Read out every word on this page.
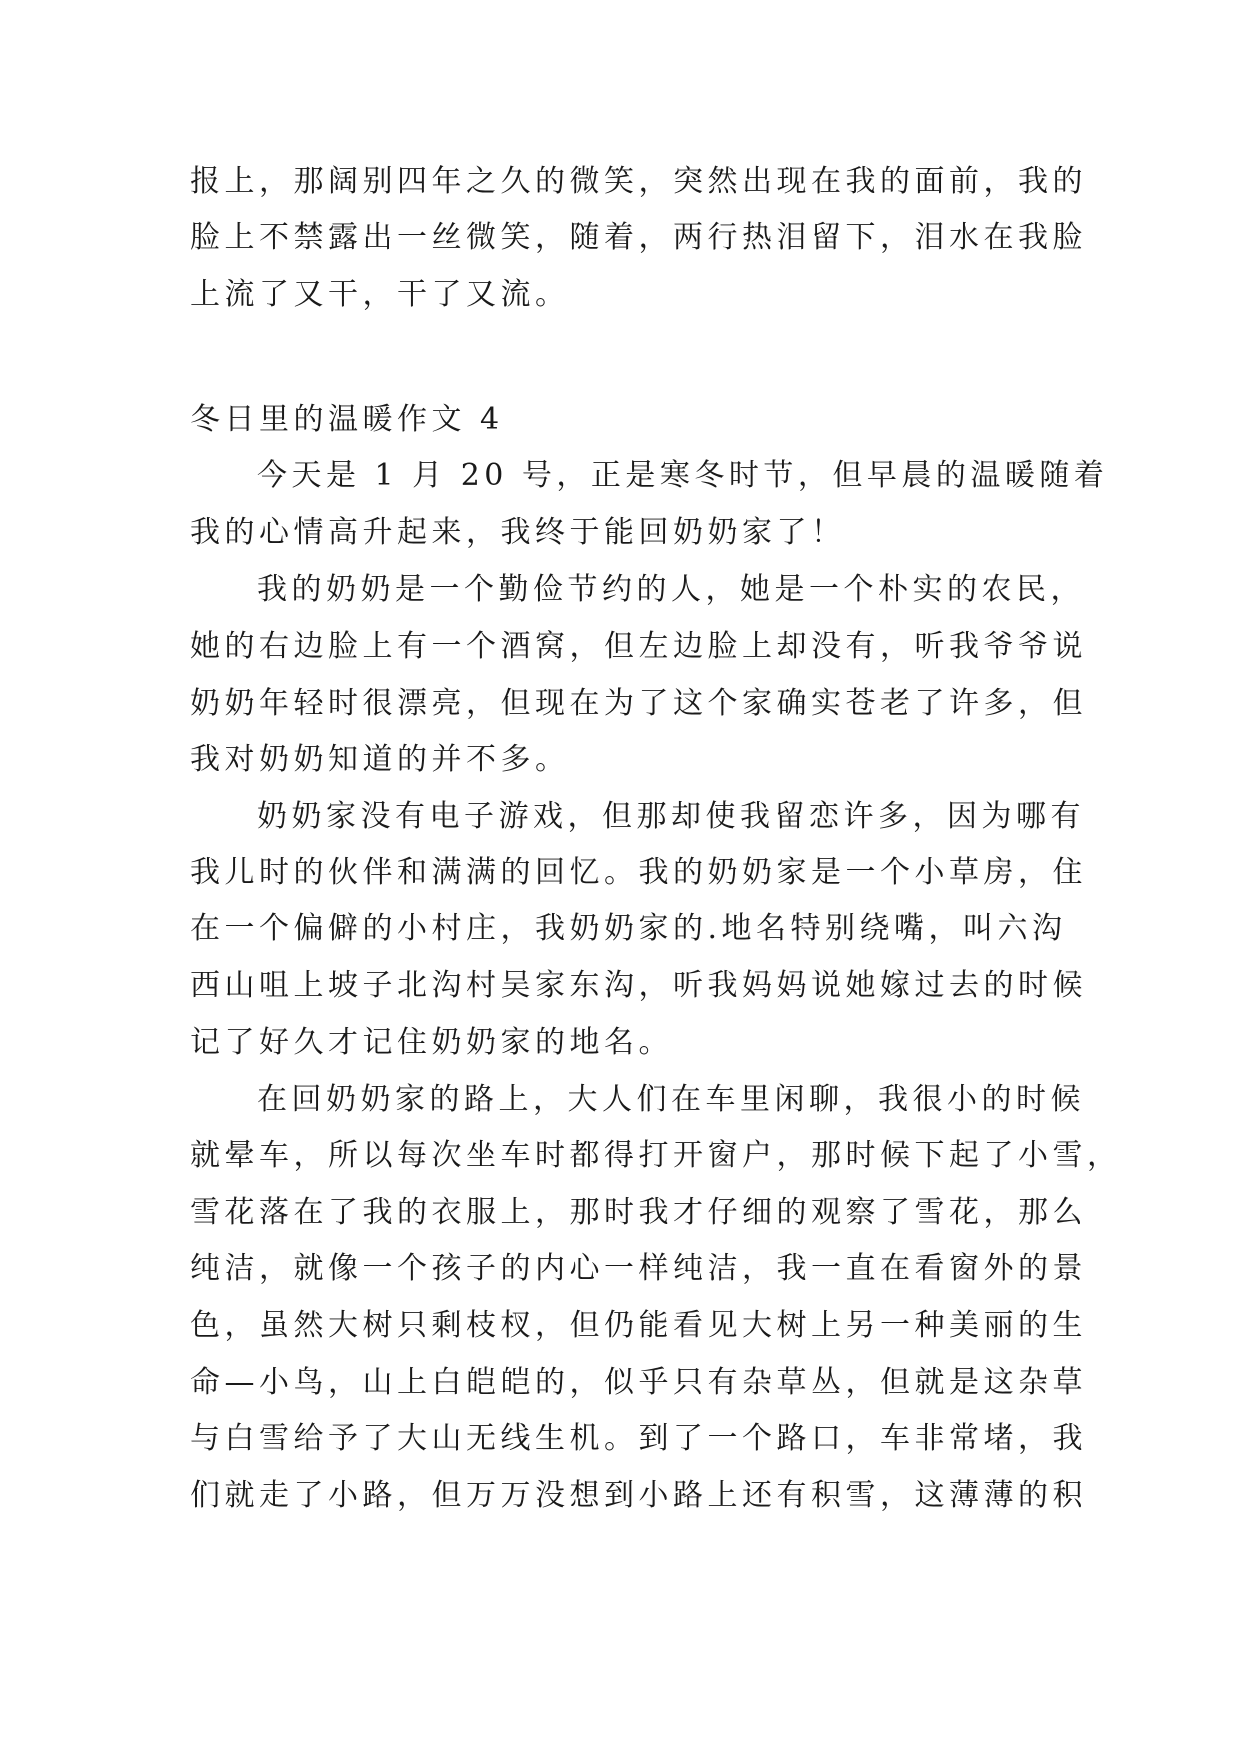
报上，那阔别四年之久的微笑，突然出现在我的面前，我的
脸上不禁露出一丝微笑，随着，两行热泪留下，泪水在我脸
上流了又干，干了又流。
冬日里的温暖作文 4
今天是 1 月 20 号，正是寒冬时节，但早晨的温暖随着
我的心情高升起来，我终于能回奶奶家了！
我的奶奶是一个勤俭节约的人，她是一个朴实的农民，
她的右边脸上有一个酒窝，但左边脸上却没有，听我爷爷说
奶奶年轻时很漂亮，但现在为了这个家确实苍老了许多，但
我对奶奶知道的并不多。
奶奶家没有电子游戏，但那却使我留恋许多，因为哪有
我儿时的伙伴和满满的回忆。我的奶奶家是一个小草房，住
在一个偏僻的小村庄，我奶奶家的.地名特别绕嘴，叫六沟
西山咀上坡子北沟村吴家东沟，听我妈妈说她嫁过去的时候
记了好久才记住奶奶家的地名。
在回奶奶家的路上，大人们在车里闲聊，我很小的时候
就晕车，所以每次坐车时都得打开窗户，那时候下起了小雪，
雪花落在了我的衣服上，那时我才仔细的观察了雪花，那么
纯洁，就像一个孩子的内心一样纯洁，我一直在看窗外的景
色，虽然大树只剩枝杈，但仍能看见大树上另一种美丽的生
命—小鸟，山上白皑皑的，似乎只有杂草丛，但就是这杂草
与白雪给予了大山无线生机。到了一个路口，车非常堵，我
们就走了小路，但万万没想到小路上还有积雪，这薄薄的积
